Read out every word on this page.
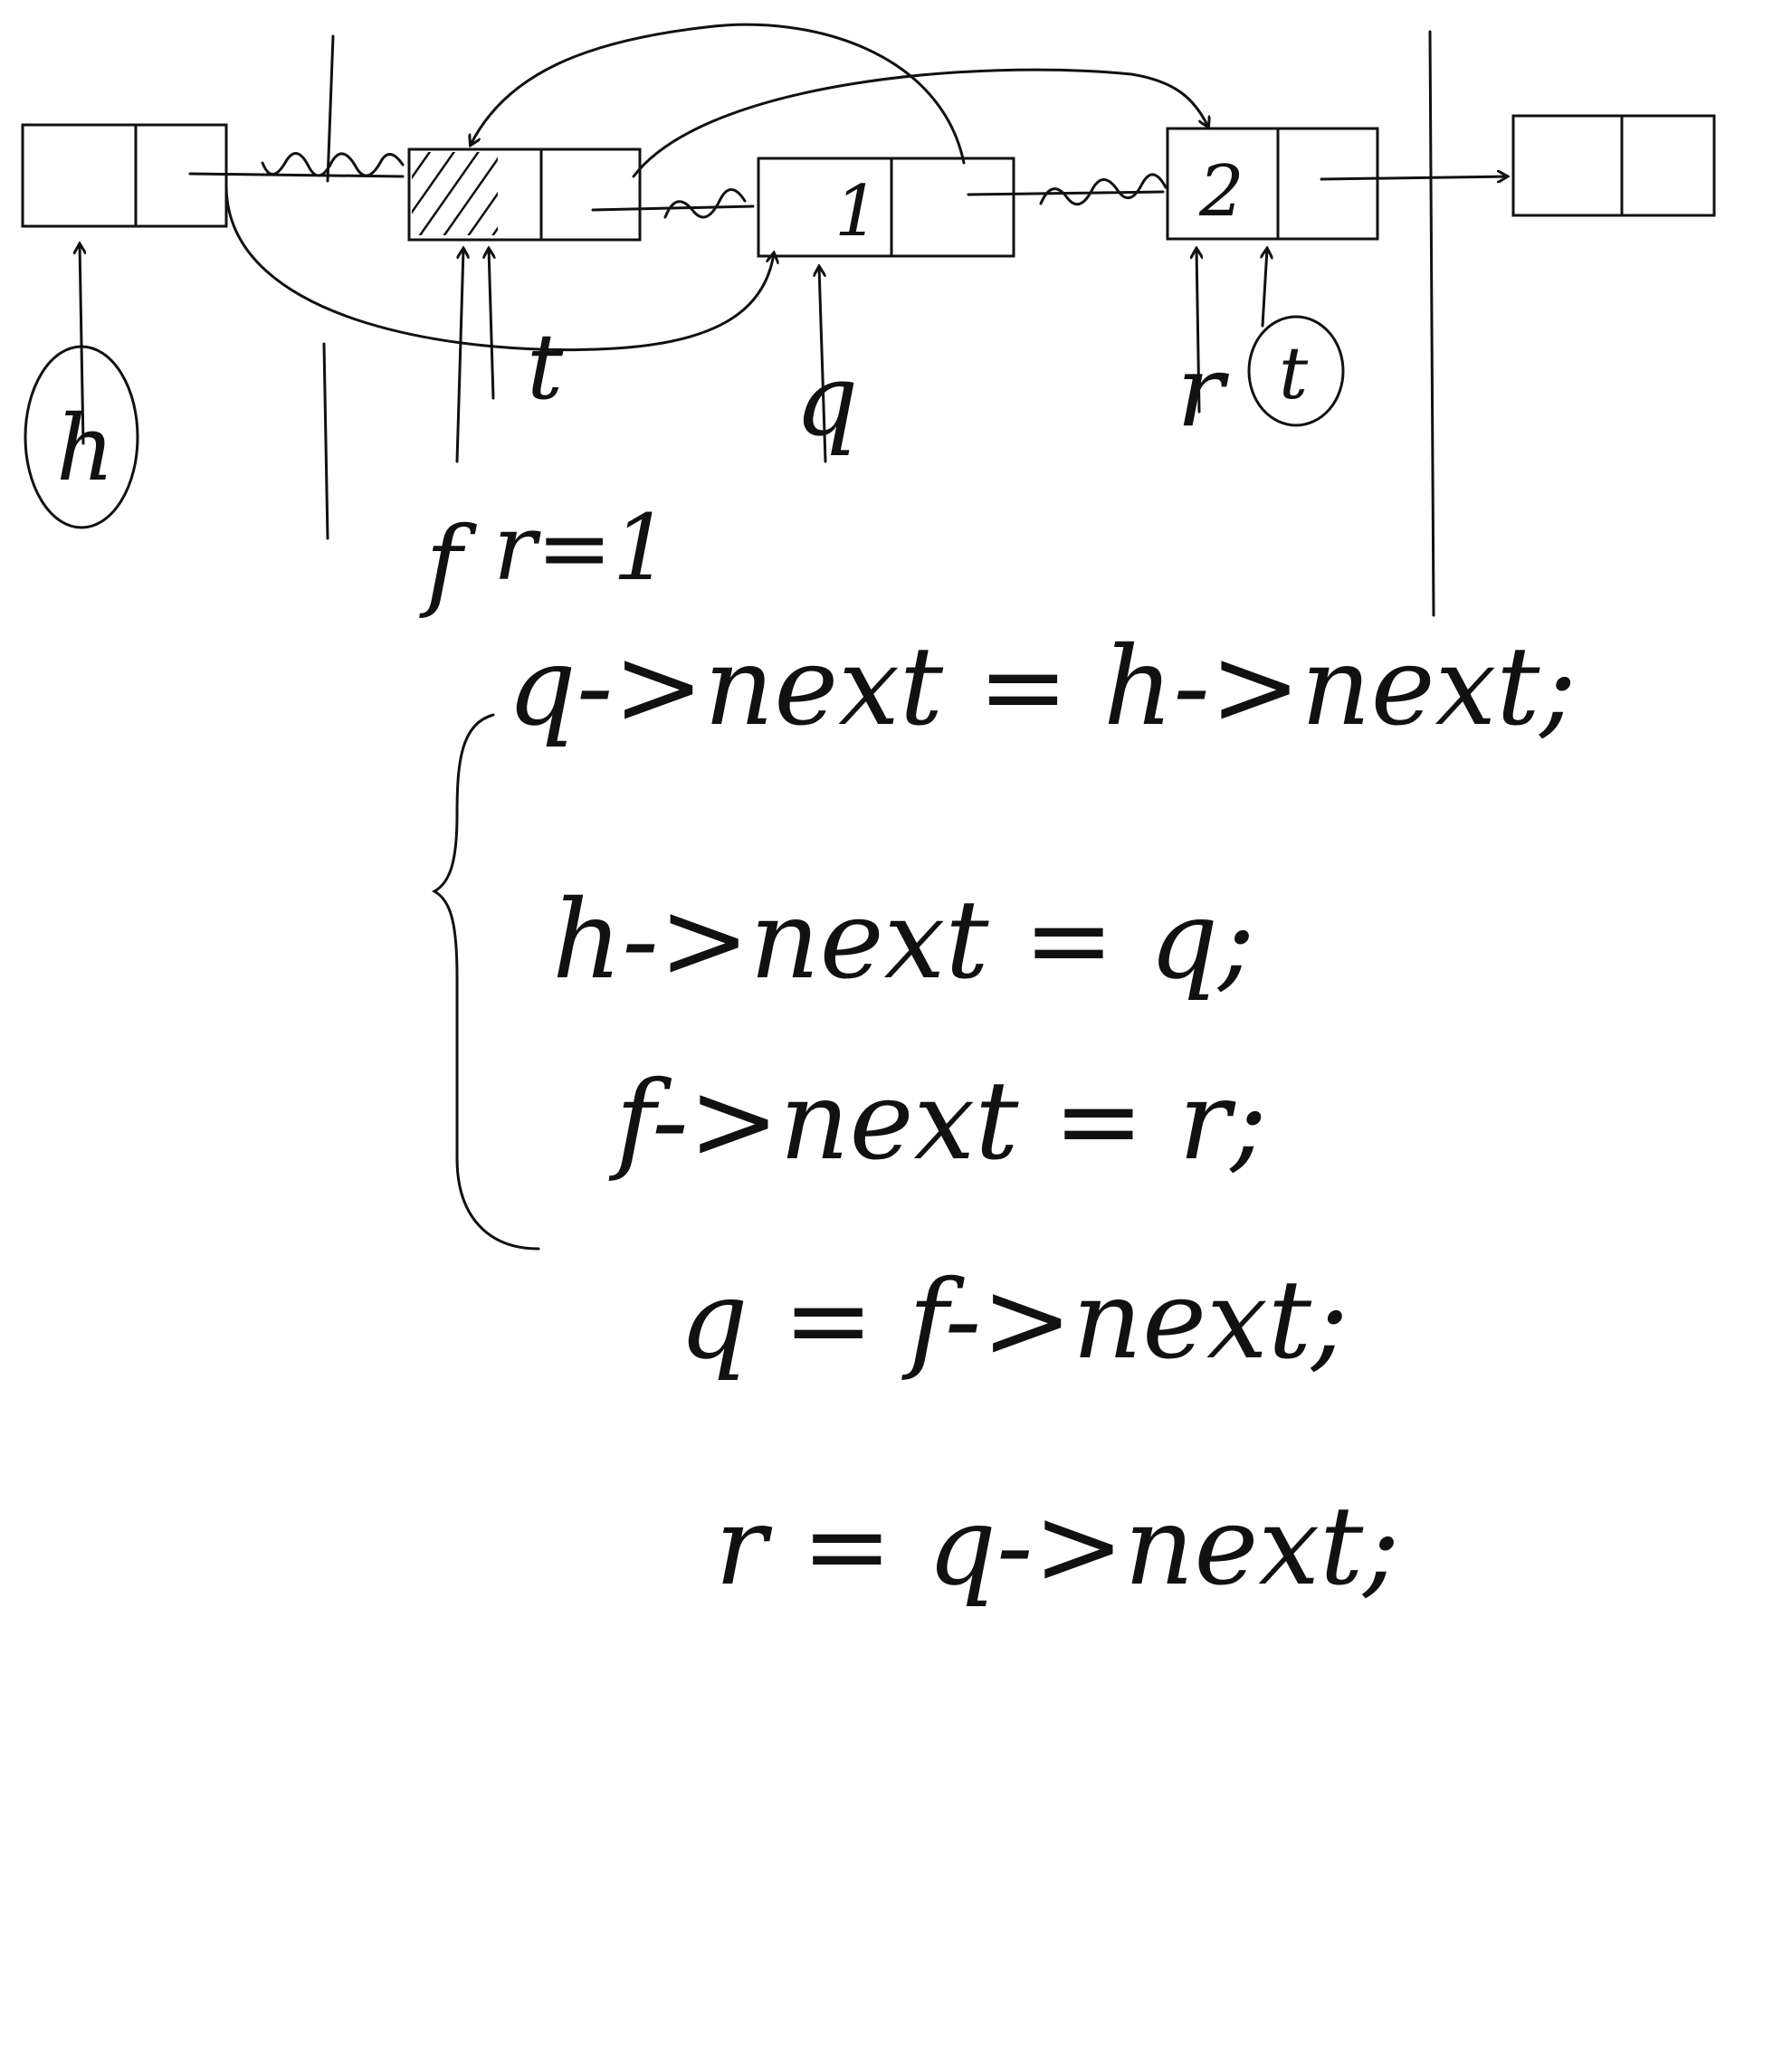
1	2
h
f
t q	r t
r=1
q->next = h->next;
h->next = q;
f->next = r;
q = f->next;
r = q->next;
